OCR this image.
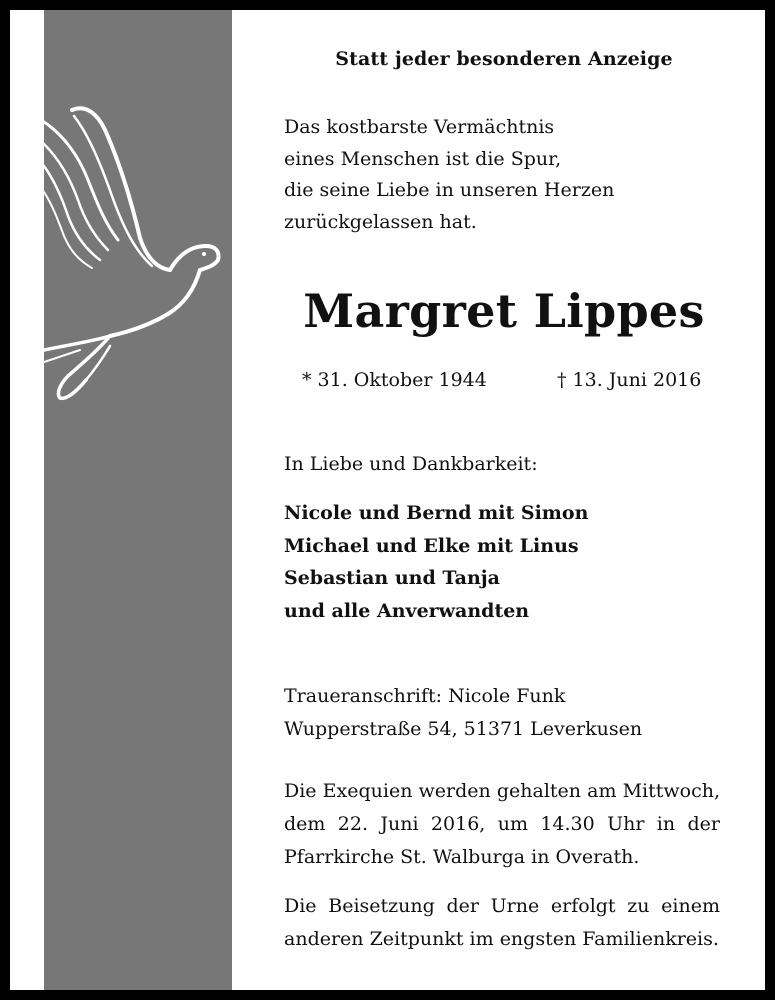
Statt jeder besonderen Anzeige
Das kostbarste Vermächtnis
eines Menschen ist die Spur,
die seine Liebe in unseren Herzen
zurückgelassen hat.
Margret Lippes
* 31. Oktober 1944	† 13. Juni 2016
In Liebe und Dankbarkeit:
Nicole und Bernd mit Simon
Michael und Elke mit Linus
Sebastian und Tanja
und alle Anverwandten
Traueranschrift: Nicole Funk
Wupperstraße 54, 51371 Leverkusen
Die Exequien werden gehalten am Mittwoch, dem 22. Juni 2016, um 14.30 Uhr in der Pfarrkirche St. Walburga in Overath.
Die Beisetzung der Urne erfolgt zu einem anderen Zeitpunkt im engsten Familienkreis.
